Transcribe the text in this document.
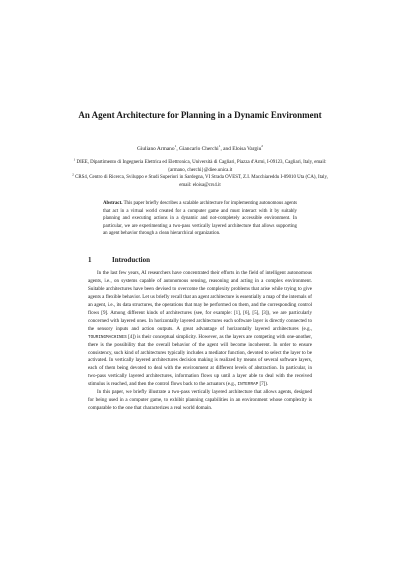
An Agent Architecture for Planning in a Dynamic Environment
Giuliano Armano$^1$, Giancarlo Cherchi$^1$, and Eloisa Vargiu$^2$
$^1$ DIEE, Dipartimento di Ingegneria Elettrica ed Elettronica, Università di Cagliari, Piazza d'Armi, I-09123, Cagliari, Italy, email: {armano, cherchi}@diee.unica.it
$^2$ CRS4, Centro di Ricerca, Sviluppo e Studi Superiori in Sardegna, VI Strada OVEST, Z.I. Macchiareddu I-09010 Uta (CA), Italy, email: eloisa@crs4.it
Abstract. This paper briefly describes a scalable architecture for implementing autonomous agents that act in a virtual world created for a computer game and must interact with it by suitably planning and executing actions in a dynamic and not-completely accessible environment. In particular, we are experimenting a two-pass vertically layered architecture that allows supporting an agent behavior through a clean hierarchical organization.
1	Introduction

In the last few years, AI researchers have concentrated their efforts in the field of intelligent autonomous agents, i.e., on systems capable of autonomous sensing, reasoning and acting in a complex environment. Suitable architectures have been devised to overcome the complexity problems that arise while trying to give agents a flexible behavior. Let us briefly recall that an agent architecture is essentially a map of the internals of an agent, i.e., its data structures, the operations that may be performed on them, and the corresponding control flows [9]. Among different kinds of architectures (see, for example: [1], [6], [5], [3]), we are particularly concerned with layered ones. In horizontally layered architectures each software layer is directly connected to the sensory inputs and action outputs. A great advantage of horizontally layered architectures (e.g., TOURINGMACHINES [4]) is their conceptual simplicity. However, as the layers are competing with one-another, there is the possibility that the overall behavior of the agent will become incoherent. In order to ensure consistency, such kind of architectures typically includes a mediator function, devoted to select the layer to be activated. In vertically layered architectures decision making is realized by means of several software layers, each of them being devoted to deal with the environment at different levels of abstraction. In particular, in two-pass vertically layered architectures, information flows up until a layer able to deal with the received stimulus is reached, and then the control flows back to the actuators (e.g., INTERRAP [7]).

In this paper, we briefly illustrate a two-pass vertically layered architecture that allows agents, designed for being used in a computer game, to exhibit planning capabilities in an environment whose complexity is comparable to the one that characterizes a real world domain.
